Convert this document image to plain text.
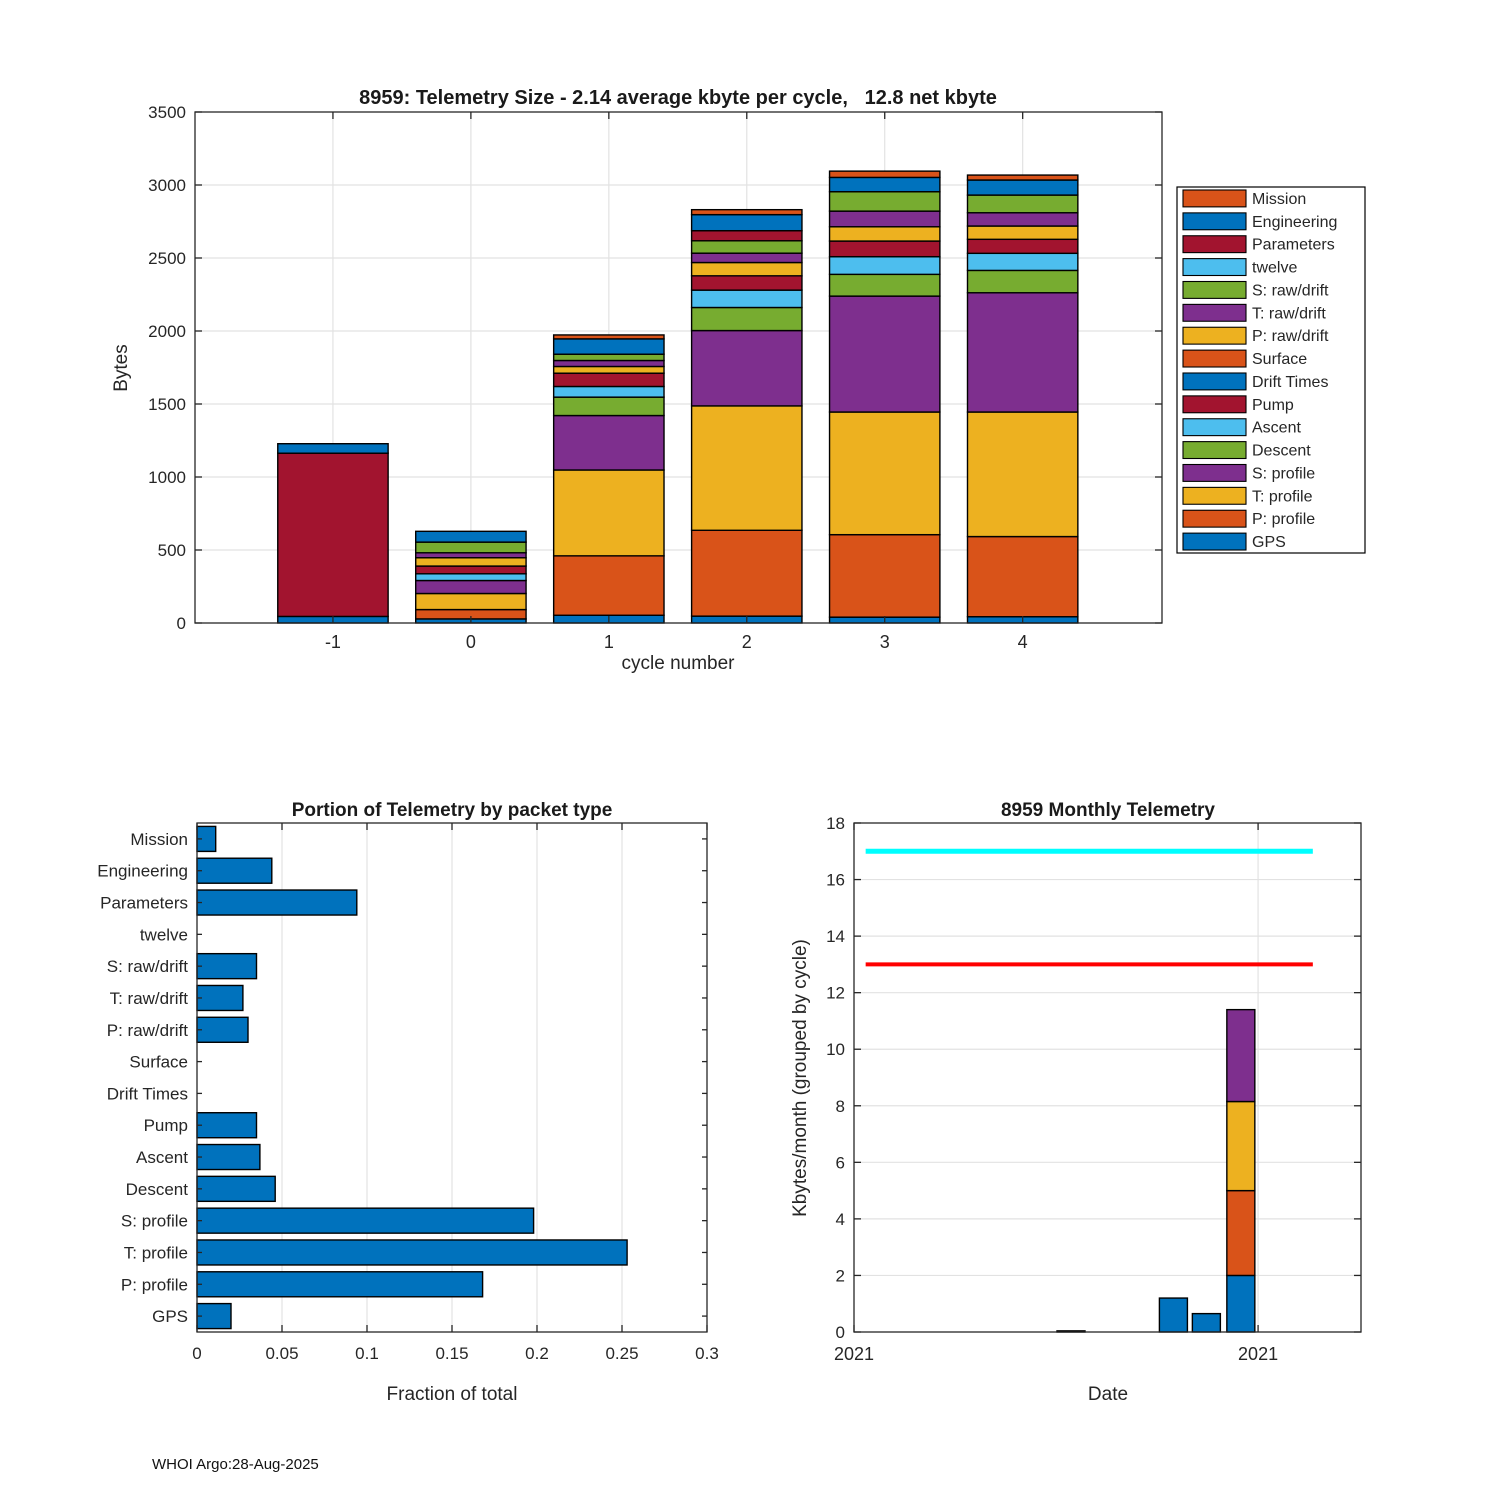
0
500
1000
1500
2000
2500
3000
3500
-1	0	1	2	3	4
Mission
Engineering
Parameters
twelve
S: raw/drift
T: raw/drift
P: raw/drift
Surface
Drift Times
Pump
Ascent
Descent
S: profile
T: profile
P: profile
GPS
Mission
Engineering
Parameters
twelve
S: raw/drift
T: raw/drift
P: raw/drift
Surface
Drift Times
Pump
Ascent
Descent
S: profile
T: profile
P: profile
GPS
0	0.05	0.1	0.15	0.2	0.25	0.3
0
2
4
6
8
10
12
14
16
18
2021	2021
8959: Telemetry Size - 2.14 average kbyte per cycle,   12.8 net kbyte
cycle number
Bytes
Portion of Telemetry by packet type
Fraction of total
8959 Monthly Telemetry
Date
Kbytes/month (grouped by cycle)
WHOI Argo:28-Aug-2025
